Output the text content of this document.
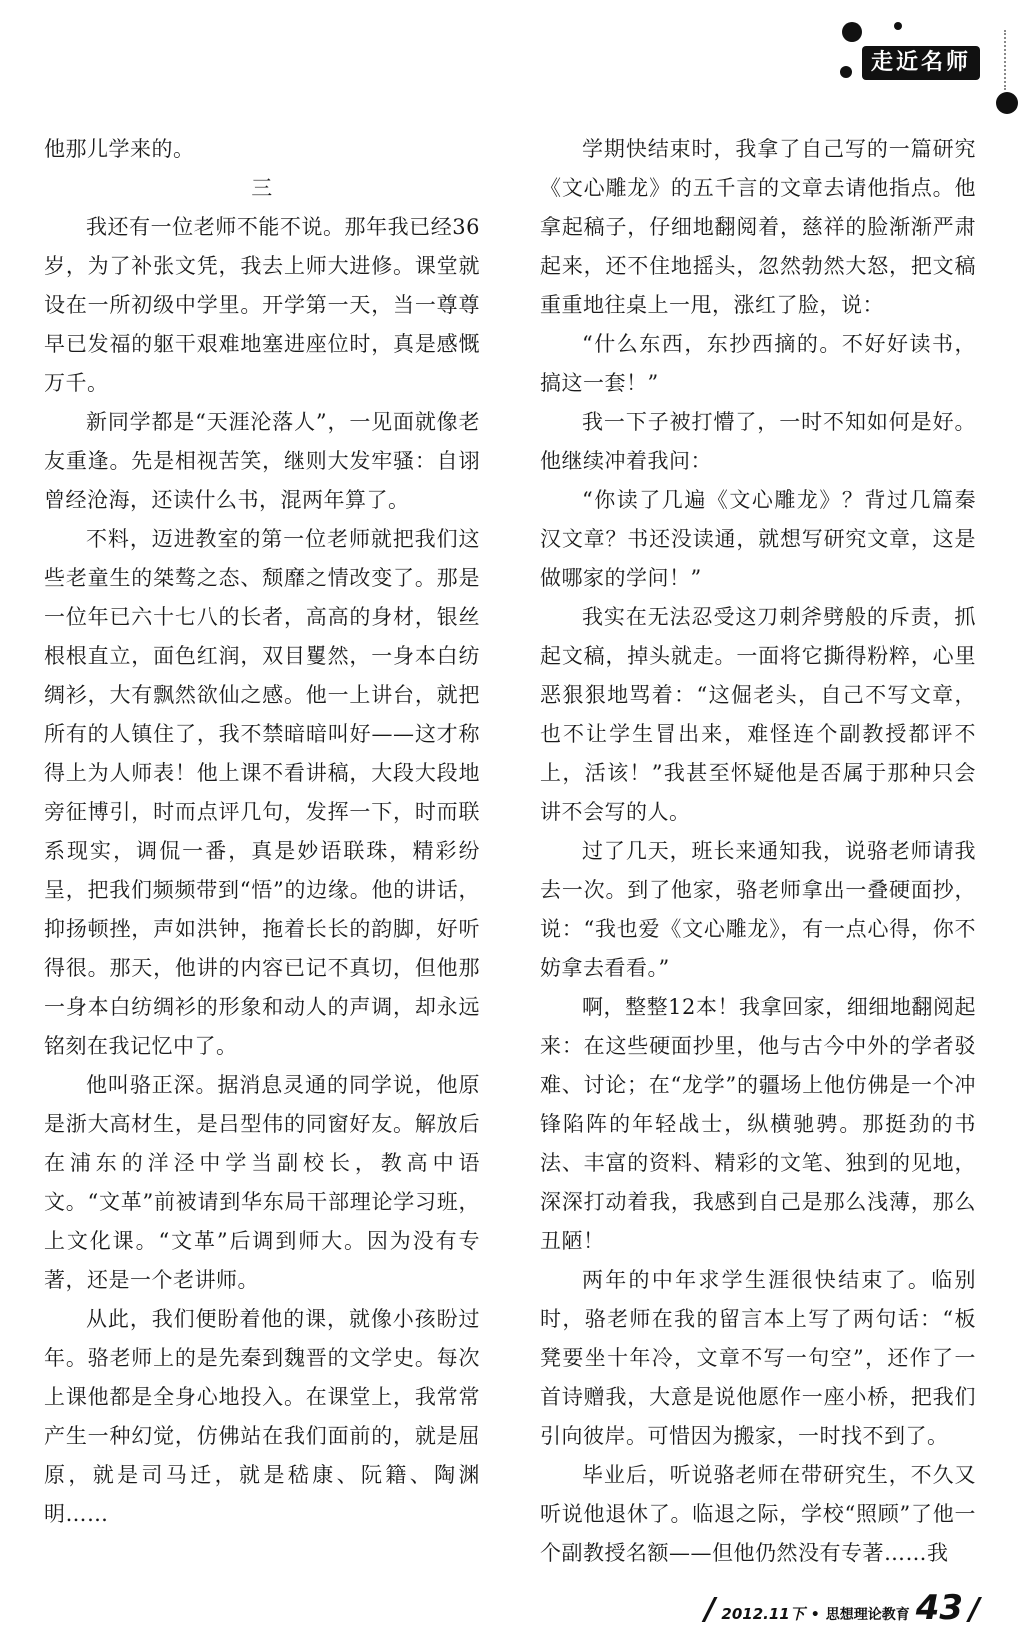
走近名师

他那儿学来的。

三

我还有一位老师不能不说。那年我已经36岁，为了补张文凭，我去上师大进修。课堂就设在一所初级中学里。开学第一天，当一尊尊早已发福的躯干艰难地塞进座位时，真是感慨万千。

新同学都是“天涯沦落人”，一见面就像老友重逢。先是相视苦笑，继则大发牢骚：自诩曾经沧海，还读什么书，混两年算了。

不料，迈进教室的第一位老师就把我们这些老童生的桀骜之态、颓靡之情改变了。那是一位年已六十七八的长者，高高的身材，银丝根根直立，面色红润，双目矍然，一身本白纺绸衫，大有飘然欲仙之感。他一上讲台，就把所有的人镇住了，我不禁暗暗叫好——这才称得上为人师表！他上课不看讲稿，大段大段地旁征博引，时而点评几句，发挥一下，时而联系现实，调侃一番，真是妙语联珠，精彩纷呈，把我们频频带到“悟”的边缘。他的讲话，抑扬顿挫，声如洪钟，拖着长长的韵脚，好听得很。那天，他讲的内容已记不真切，但他那一身本白纺绸衫的形象和动人的声调，却永远铭刻在我记忆中了。

他叫骆正深。据消息灵通的同学说，他原是浙大高材生，是吕型伟的同窗好友。解放后在浦东的洋泾中学当副校长，教高中语文。“文革”前被请到华东局干部理论学习班，上文化课。“文革”后调到师大。因为没有专著，还是一个老讲师。

从此，我们便盼着他的课，就像小孩盼过年。骆老师上的是先秦到魏晋的文学史。每次上课他都是全身心地投入。在课堂上，我常常产生一种幻觉，仿佛站在我们面前的，就是屈原，就是司马迁，就是嵇康、阮籍、陶渊明……

学期快结束时，我拿了自己写的一篇研究《文心雕龙》的五千言的文章去请他指点。他拿起稿子，仔细地翻阅着，慈祥的脸渐渐严肃起来，还不住地摇头，忽然勃然大怒，把文稿重重地往桌上一甩，涨红了脸，说：

“什么东西，东抄西摘的。不好好读书，搞这一套！”

我一下子被打懵了，一时不知如何是好。他继续冲着我问：

“你读了几遍《文心雕龙》？背过几篇秦汉文章？书还没读通，就想写研究文章，这是做哪家的学问！”

我实在无法忍受这刀刺斧劈般的斥责，抓起文稿，掉头就走。一面将它撕得粉粹，心里恶狠狠地骂着：“这倔老头，自己不写文章，也不让学生冒出来，难怪连个副教授都评不上，活该！”我甚至怀疑他是否属于那种只会讲不会写的人。

过了几天，班长来通知我，说骆老师请我去一次。到了他家，骆老师拿出一叠硬面抄，说：“我也爱《文心雕龙》，有一点心得，你不妨拿去看看。”

啊，整整12本！我拿回家，细细地翻阅起来：在这些硬面抄里，他与古今中外的学者驳难、讨论；在“龙学”的疆场上他仿佛是一个冲锋陷阵的年轻战士，纵横驰骋。那挺劲的书法、丰富的资料、精彩的文笔、独到的见地，深深打动着我，我感到自己是那么浅薄，那么丑陋！

两年的中年求学生涯很快结束了。临别时，骆老师在我的留言本上写了两句话：“板凳要坐十年冷，文章不写一句空”，还作了一首诗赠我，大意是说他愿作一座小桥，把我们引向彼岸。可惜因为搬家，一时找不到了。

毕业后，听说骆老师在带研究生，不久又听说他退休了。临退之际，学校“照顾”了他一个副教授名额——但他仍然没有专著……我

/ 2012.11下 • 思想理论教育 43 /
